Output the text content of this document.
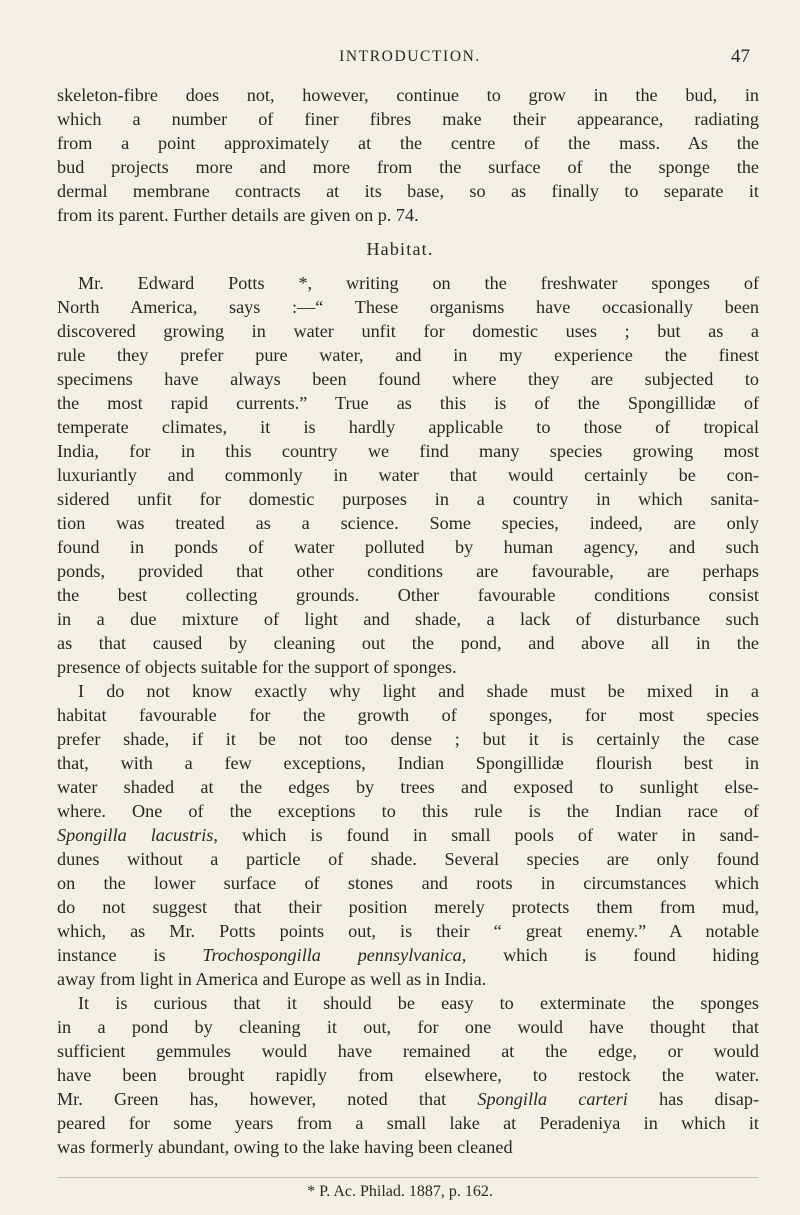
INTRODUCTION.	47
skeleton-fibre does not, however, continue to grow in the bud, in
which a number of finer fibres make their appearance, radiating
from a point approximately at the centre of the mass. As the
bud projects more and more from the surface of the sponge the
dermal membrane contracts at its base, so as finally to separate it
from its parent. Further details are given on p. 74.
Habitat.
Mr. Edward Potts *, writing on the freshwater sponges of
North America, says :—“ These organisms have occasionally been
discovered growing in water unfit for domestic uses ; but as a
rule they prefer pure water, and in my experience the finest
specimens have always been found where they are subjected to
the most rapid currents.” True as this is of the Spongillidæ of
temperate climates, it is hardly applicable to those of tropical
India, for in this country we find many species growing most
luxuriantly and commonly in water that would certainly be con-
sidered unfit for domestic purposes in a country in which sanita-
tion was treated as a science. Some species, indeed, are only
found in ponds of water polluted by human agency, and such
ponds, provided that other conditions are favourable, are perhaps
the best collecting grounds. Other favourable conditions consist
in a due mixture of light and shade, a lack of disturbance such
as that caused by cleaning out the pond, and above all in the
presence of objects suitable for the support of sponges.
I do not know exactly why light and shade must be mixed in a
habitat favourable for the growth of sponges, for most species
prefer shade, if it be not too dense ; but it is certainly the case
that, with a few exceptions, Indian Spongillidæ flourish best in
water shaded at the edges by trees and exposed to sunlight else-
where. One of the exceptions to this rule is the Indian race of
Spongilla lacustris, which is found in small pools of water in sand-
dunes without a particle of shade. Several species are only found
on the lower surface of stones and roots in circumstances which
do not suggest that their position merely protects them from mud,
which, as Mr. Potts points out, is their “ great enemy.” A notable
instance is Trochospongilla pennsylvanica, which is found hiding
away from light in America and Europe as well as in India.
It is curious that it should be easy to exterminate the sponges
in a pond by cleaning it out, for one would have thought that
* P. Ac. Philad. 1887, p. 162.
sufficient gemmules would have remained at the edge, or would
have been brought rapidly from elsewhere, to restock the water.
Mr. Green has, however, noted that Spongilla carteri has disap-
peared for some years from a small lake at Peradeniya in which it
was formerly abundant, owing to the lake having been cleaned
